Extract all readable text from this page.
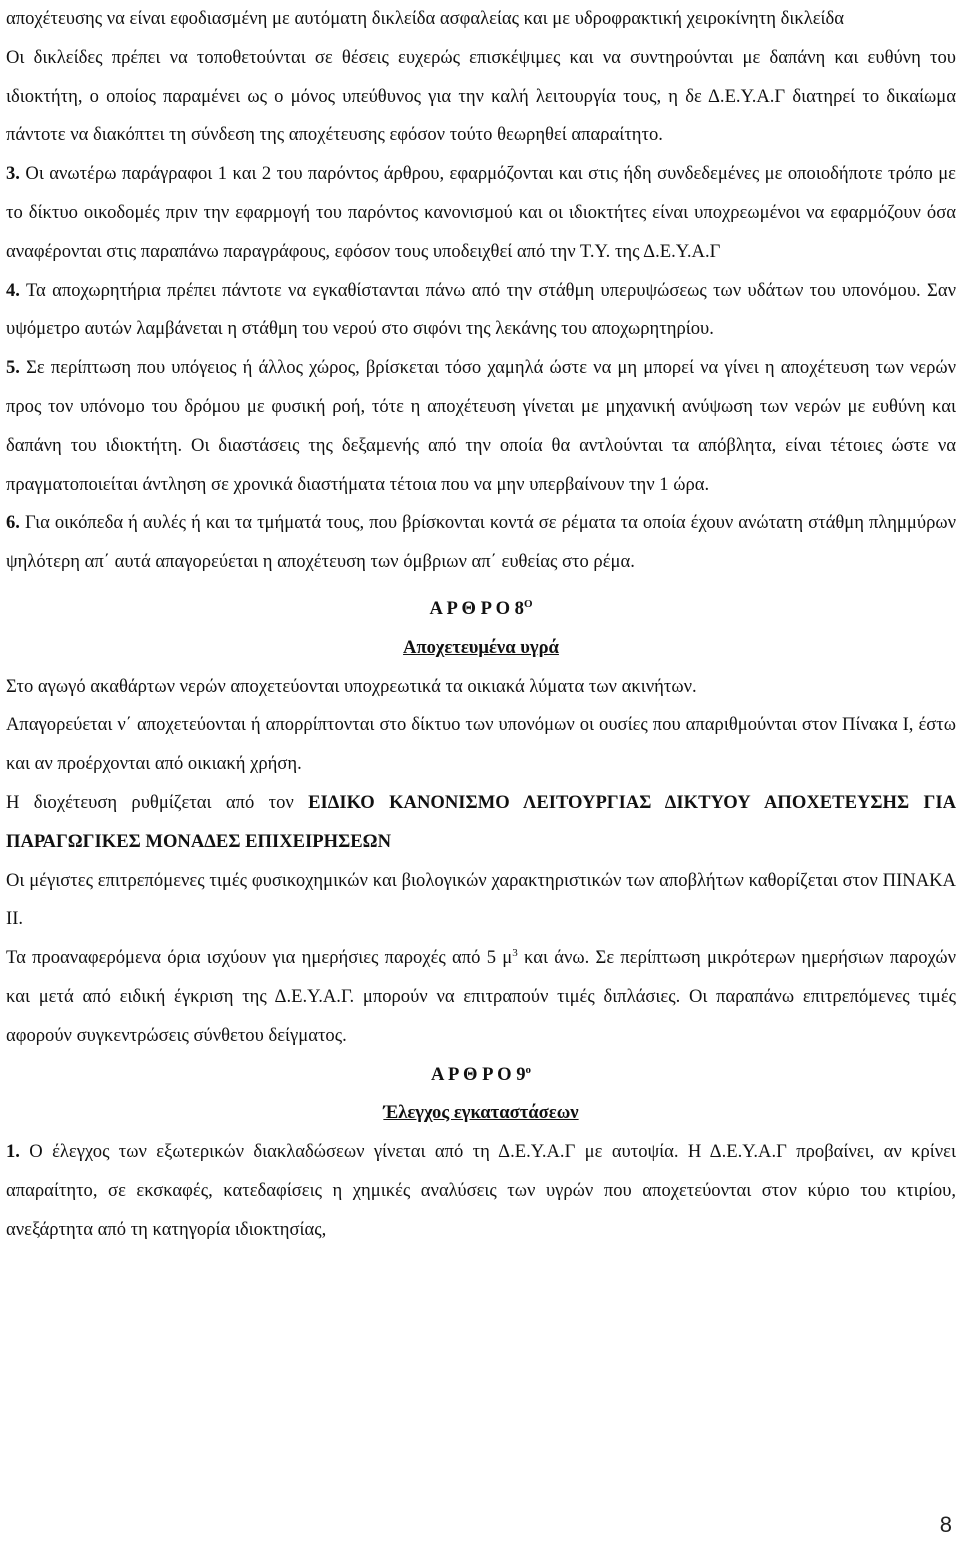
αποχέτευσης να είναι εφοδιασμένη με αυτόματη δικλείδα ασφαλείας και με υδροφρακτική χειροκίνητη δικλείδα

Οι δικλείδες πρέπει να τοποθετούνται σε θέσεις ευχερώς επισκέψιμες και να συντηρούνται με δαπάνη και ευθύνη του ιδιοκτήτη, ο οποίος παραμένει ως ο μόνος υπεύθυνος για την καλή λειτουργία τους, η δε Δ.Ε.Υ.Α.Γ διατηρεί το δικαίωμα πάντοτε να διακόπτει τη σύνδεση της αποχέτευσης εφόσον τούτο θεωρηθεί απαραίτητο.

3. Οι ανωτέρω παράγραφοι 1 και 2 του παρόντος άρθρου, εφαρμόζονται και στις ήδη συνδεδεμένες με οποιοδήποτε τρόπο με το δίκτυο οικοδομές πριν την εφαρμογή του παρόντος κανονισμού και οι ιδιοκτήτες είναι υποχρεωμένοι να εφαρμόζουν όσα αναφέρονται στις παραπάνω παραγράφους, εφόσον τους υποδειχθεί από την Τ.Υ. της Δ.Ε.Υ.Α.Γ

4. Τα αποχωρητήρια πρέπει πάντοτε να εγκαθίστανται πάνω από την στάθμη υπερυψώσεως των υδάτων του υπονόμου. Σαν υψόμετρο αυτών λαμβάνεται η στάθμη του νερού στο σιφόνι της λεκάνης του αποχωρητηρίου.

5. Σε περίπτωση που υπόγειος ή άλλος χώρος, βρίσκεται τόσο χαμηλά ώστε να μη μπορεί να γίνει η αποχέτευση των νερών προς τον υπόνομο του δρόμου με φυσική ροή, τότε η αποχέτευση γίνεται με μηχανική ανύψωση των νερών με ευθύνη και δαπάνη του ιδιοκτήτη. Οι διαστάσεις της δεξαμενής από την οποία θα αντλούνται τα απόβλητα, είναι τέτοιες ώστε να πραγματοποιείται άντληση σε χρονικά διαστήματα τέτοια που να μην υπερβαίνουν την 1 ώρα.

6. Για οικόπεδα ή αυλές ή και τα τμήματά τους, που βρίσκονται κοντά σε ρέματα τα οποία έχουν ανώτατη στάθμη πλημμύρων ψηλότερη απ΄ αυτά απαγορεύεται η αποχέτευση των όμβριων απ΄ ευθείας στο ρέμα.

Α Ρ Θ Ρ Ο $8^O$

Αποχετευμένα υγρά

Στο αγωγό ακαθάρτων νερών αποχετεύονται υποχρεωτικά τα οικιακά λύματα των ακινήτων.

Απαγορεύεται ν΄ αποχετεύονται ή απορρίπτονται στο δίκτυο των υπονόμων οι ουσίες που απαριθμούνται στον Πίνακα Ι, έστω και αν προέρχονται από οικιακή χρήση.

Η διοχέτευση ρυθμίζεται από τον ΕΙΔΙΚΟ ΚΑΝΟΝΙΣΜΟ ΛΕΙΤΟΥΡΓΙΑΣ ΔΙΚΤΥΟΥ ΑΠΟΧΕΤΕΥΣΗΣ ΓΙΑ ΠΑΡΑΓΩΓΙΚΕΣ ΜΟΝΑΔΕΣ ΕΠΙΧΕΙΡΗΣΕΩΝ

Οι μέγιστες επιτρεπόμενες τιμές φυσικοχημικών και βιολογικών χαρακτηριστικών των αποβλήτων καθορίζεται στον ΠΙΝΑΚΑ ΙΙ.

Τα προαναφερόμενα όρια ισχύουν για ημερήσιες παροχές από 5 $\mu^3$ και άνω. Σε περίπτωση μικρότερων ημερήσιων παροχών και μετά από ειδική έγκριση της Δ.Ε.Υ.Α.Γ. μπορούν να επιτραπούν τιμές διπλάσιες. Οι παραπάνω επιτρεπόμενες τιμές αφορούν συγκεντρώσεις σύνθετου δείγματος.

Α Ρ Θ Ρ Ο $9^o$

Έλεγχος εγκαταστάσεων

1. Ο έλεγχος των εξωτερικών διακλαδώσεων γίνεται από τη Δ.Ε.Υ.Α.Γ με αυτοψία. Η Δ.Ε.Υ.Α.Γ προβαίνει, αν κρίνει απαραίτητο, σε εκσκαφές, κατεδαφίσεις η χημικές αναλύσεις των υγρών που αποχετεύονται στον κύριο του κτιρίου, ανεξάρτητα από τη κατηγορία ιδιοκτησίας,

8
